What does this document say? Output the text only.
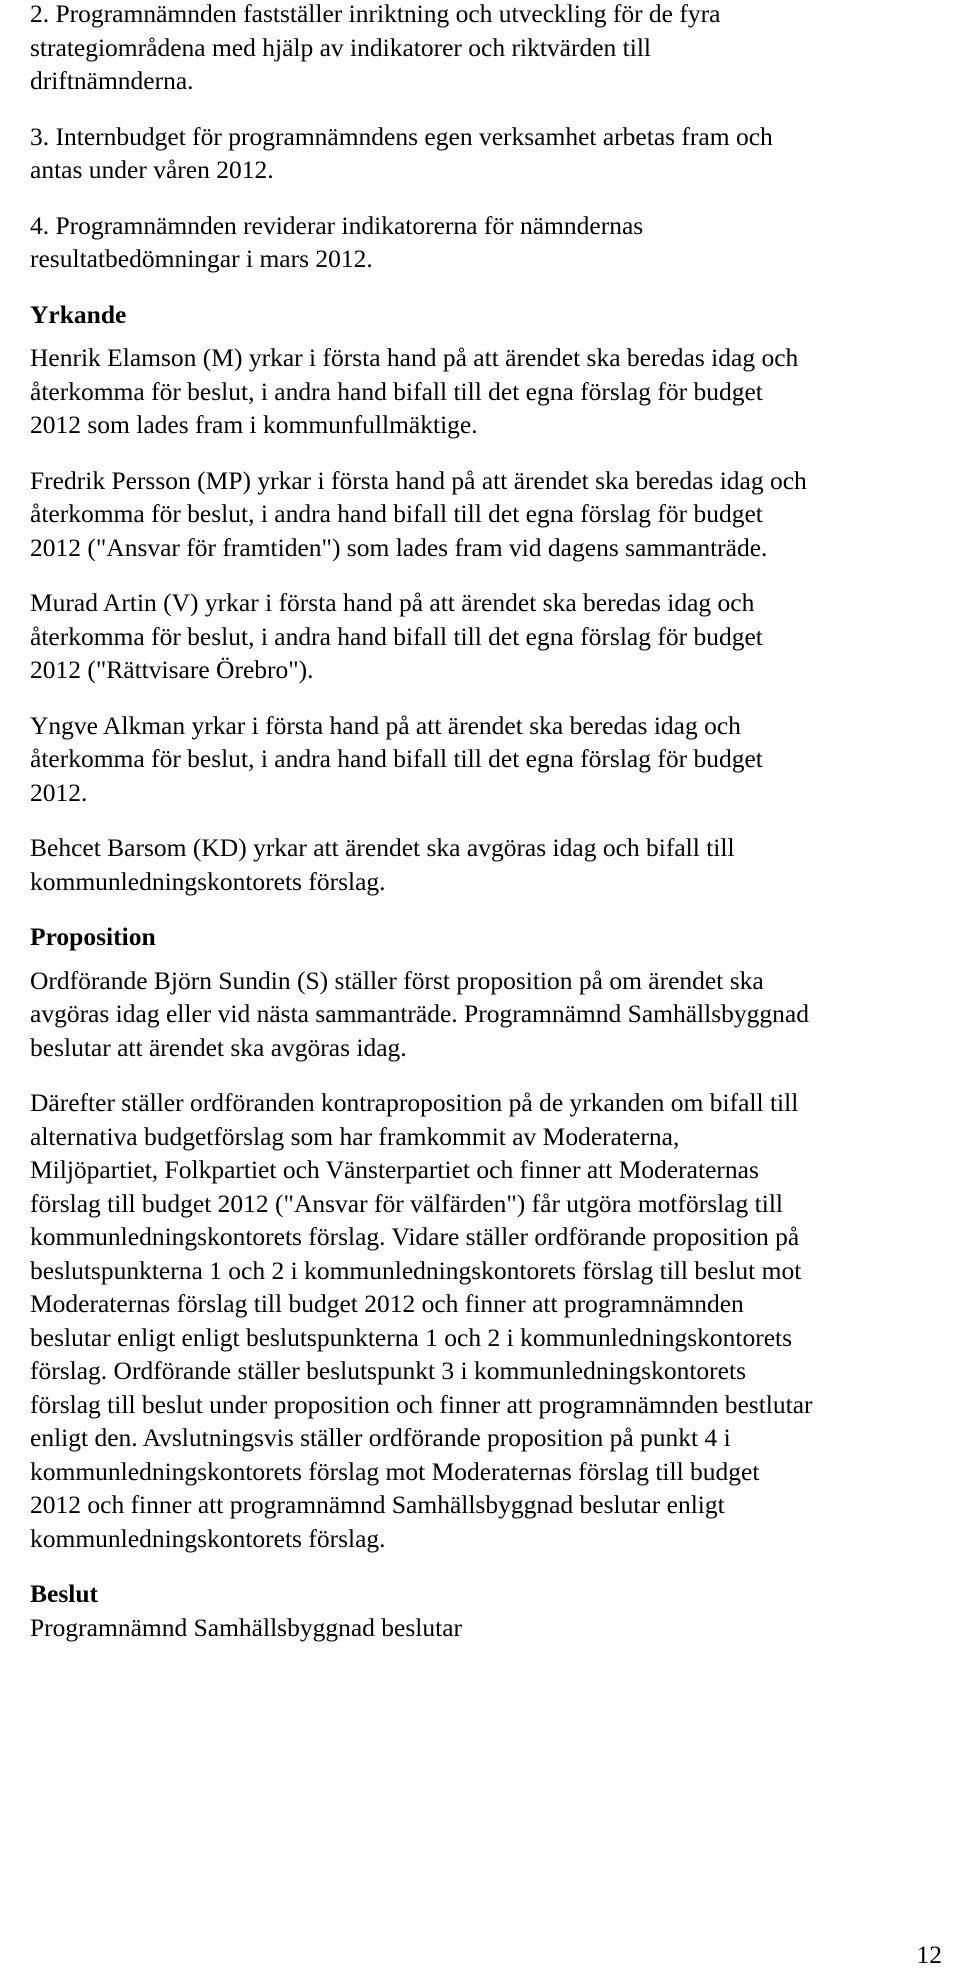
2. Programnämnden fastställer inriktning och utveckling för de fyra
strategiområdena med hjälp av indikatorer och riktvärden till
driftnämnderna.
3. Internbudget för programnämndens egen verksamhet arbetas fram och
antas under våren 2012.
4. Programnämnden reviderar indikatorerna för nämndernas
resultatbedömningar i mars 2012.
Yrkande
Henrik Elamson (M) yrkar i första hand på att ärendet ska beredas idag och
återkomma för beslut, i andra hand bifall till det egna förslag för budget
2012 som lades fram i kommunfullmäktige.
Fredrik Persson (MP) yrkar i första hand på att ärendet ska beredas idag och
återkomma för beslut, i andra hand bifall till det egna förslag för budget
2012 ("Ansvar för framtiden") som lades fram vid dagens sammanträde.
Murad Artin (V) yrkar i första hand på att ärendet ska beredas idag och
återkomma för beslut, i andra hand bifall till det egna förslag för budget
2012 ("Rättvisare Örebro").
Yngve Alkman yrkar i första hand på att ärendet ska beredas idag och
återkomma för beslut, i andra hand bifall till det egna förslag för budget
2012.
Behcet Barsom (KD) yrkar att ärendet ska avgöras idag och bifall till
kommunledningskontorets förslag.
Proposition
Ordförande Björn Sundin (S) ställer först proposition på om ärendet ska
avgöras idag eller vid nästa sammanträde. Programnämnd Samhällsbyggnad
beslutar att ärendet ska avgöras idag.
Därefter ställer ordföranden kontraproposition på de yrkanden om bifall till
alternativa budgetförslag som har framkommit av Moderaterna,
Miljöpartiet, Folkpartiet och Vänsterpartiet och finner att Moderaternas
förslag till budget 2012 ("Ansvar för välfärden") får utgöra motförslag till
kommunledningskontorets förslag. Vidare ställer ordförande proposition på
beslutspunkterna 1 och 2 i kommunledningskontorets förslag till beslut mot
Moderaternas förslag till budget 2012 och finner att programnämnden
beslutar enligt enligt beslutspunkterna 1 och 2 i kommunledningskontorets
förslag. Ordförande ställer beslutspunkt 3 i kommunledningskontorets
förslag till beslut under proposition och finner att programnämnden bestlutar
enligt den. Avslutningsvis ställer ordförande proposition på punkt 4 i
kommunledningskontorets förslag mot Moderaternas förslag till budget
2012 och finner att programnämnd Samhällsbyggnad beslutar enligt
kommunledningskontorets förslag.
Beslut
Programnämnd Samhällsbyggnad beslutar
12
